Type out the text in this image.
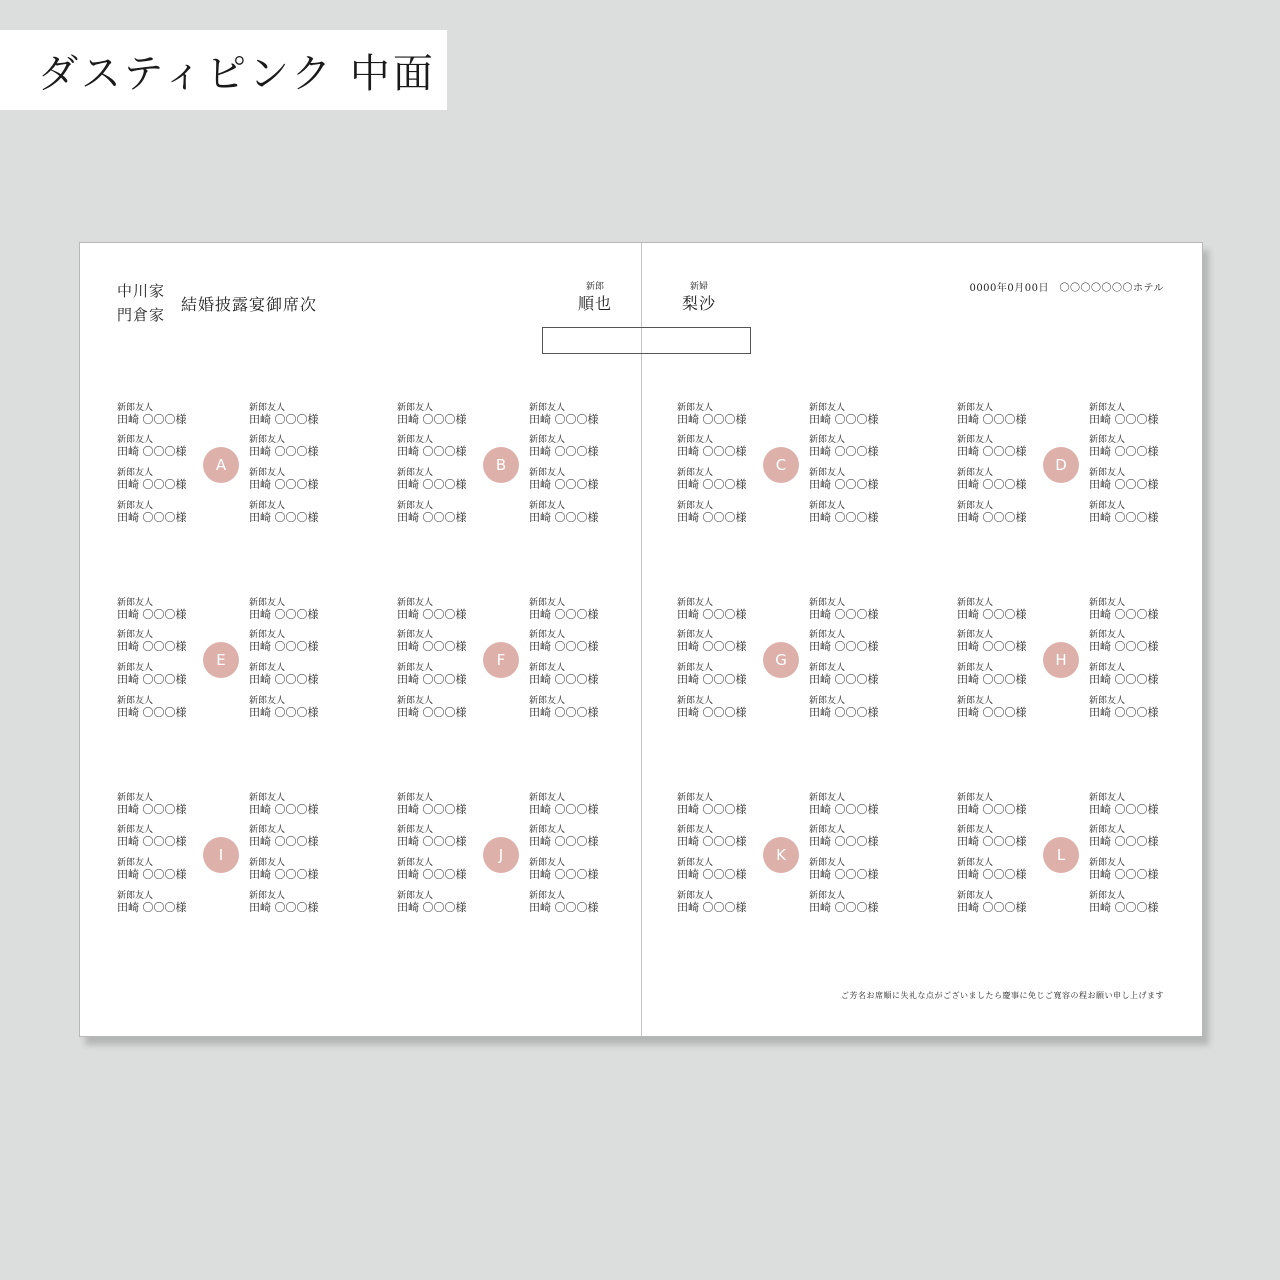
ダスティピンク 中面
中川家
門倉家
結婚披露宴御席次
新郎
順也
新婦
梨沙
0000年0月00日　〇〇〇〇〇〇〇ホテル
新郎友人
田崎 〇〇〇様
新郎友人
田崎 〇〇〇様
新郎友人
田崎 〇〇〇様
新郎友人
田崎 〇〇〇様
新郎友人
田崎 〇〇〇様
新郎友人
田崎 〇〇〇様
新郎友人
田崎 〇〇〇様
新郎友人
田崎 〇〇〇様
A
新郎友人
田崎 〇〇〇様
新郎友人
田崎 〇〇〇様
新郎友人
田崎 〇〇〇様
新郎友人
田崎 〇〇〇様
新郎友人
田崎 〇〇〇様
新郎友人
田崎 〇〇〇様
新郎友人
田崎 〇〇〇様
新郎友人
田崎 〇〇〇様
B
新郎友人
田崎 〇〇〇様
新郎友人
田崎 〇〇〇様
新郎友人
田崎 〇〇〇様
新郎友人
田崎 〇〇〇様
新郎友人
田崎 〇〇〇様
新郎友人
田崎 〇〇〇様
新郎友人
田崎 〇〇〇様
新郎友人
田崎 〇〇〇様
C
新郎友人
田崎 〇〇〇様
新郎友人
田崎 〇〇〇様
新郎友人
田崎 〇〇〇様
新郎友人
田崎 〇〇〇様
新郎友人
田崎 〇〇〇様
新郎友人
田崎 〇〇〇様
新郎友人
田崎 〇〇〇様
新郎友人
田崎 〇〇〇様
D
新郎友人
田崎 〇〇〇様
新郎友人
田崎 〇〇〇様
新郎友人
田崎 〇〇〇様
新郎友人
田崎 〇〇〇様
新郎友人
田崎 〇〇〇様
新郎友人
田崎 〇〇〇様
新郎友人
田崎 〇〇〇様
新郎友人
田崎 〇〇〇様
E
新郎友人
田崎 〇〇〇様
新郎友人
田崎 〇〇〇様
新郎友人
田崎 〇〇〇様
新郎友人
田崎 〇〇〇様
新郎友人
田崎 〇〇〇様
新郎友人
田崎 〇〇〇様
新郎友人
田崎 〇〇〇様
新郎友人
田崎 〇〇〇様
F
新郎友人
田崎 〇〇〇様
新郎友人
田崎 〇〇〇様
新郎友人
田崎 〇〇〇様
新郎友人
田崎 〇〇〇様
新郎友人
田崎 〇〇〇様
新郎友人
田崎 〇〇〇様
新郎友人
田崎 〇〇〇様
新郎友人
田崎 〇〇〇様
G
新郎友人
田崎 〇〇〇様
新郎友人
田崎 〇〇〇様
新郎友人
田崎 〇〇〇様
新郎友人
田崎 〇〇〇様
新郎友人
田崎 〇〇〇様
新郎友人
田崎 〇〇〇様
新郎友人
田崎 〇〇〇様
新郎友人
田崎 〇〇〇様
H
新郎友人
田崎 〇〇〇様
新郎友人
田崎 〇〇〇様
新郎友人
田崎 〇〇〇様
新郎友人
田崎 〇〇〇様
新郎友人
田崎 〇〇〇様
新郎友人
田崎 〇〇〇様
新郎友人
田崎 〇〇〇様
新郎友人
田崎 〇〇〇様
I
新郎友人
田崎 〇〇〇様
新郎友人
田崎 〇〇〇様
新郎友人
田崎 〇〇〇様
新郎友人
田崎 〇〇〇様
新郎友人
田崎 〇〇〇様
新郎友人
田崎 〇〇〇様
新郎友人
田崎 〇〇〇様
新郎友人
田崎 〇〇〇様
J
新郎友人
田崎 〇〇〇様
新郎友人
田崎 〇〇〇様
新郎友人
田崎 〇〇〇様
新郎友人
田崎 〇〇〇様
新郎友人
田崎 〇〇〇様
新郎友人
田崎 〇〇〇様
新郎友人
田崎 〇〇〇様
新郎友人
田崎 〇〇〇様
K
新郎友人
田崎 〇〇〇様
新郎友人
田崎 〇〇〇様
新郎友人
田崎 〇〇〇様
新郎友人
田崎 〇〇〇様
新郎友人
田崎 〇〇〇様
新郎友人
田崎 〇〇〇様
新郎友人
田崎 〇〇〇様
新郎友人
田崎 〇〇〇様
L
ご芳名お席順に失礼な点がございましたら慶事に免じご寛容の程お願い申し上げます
